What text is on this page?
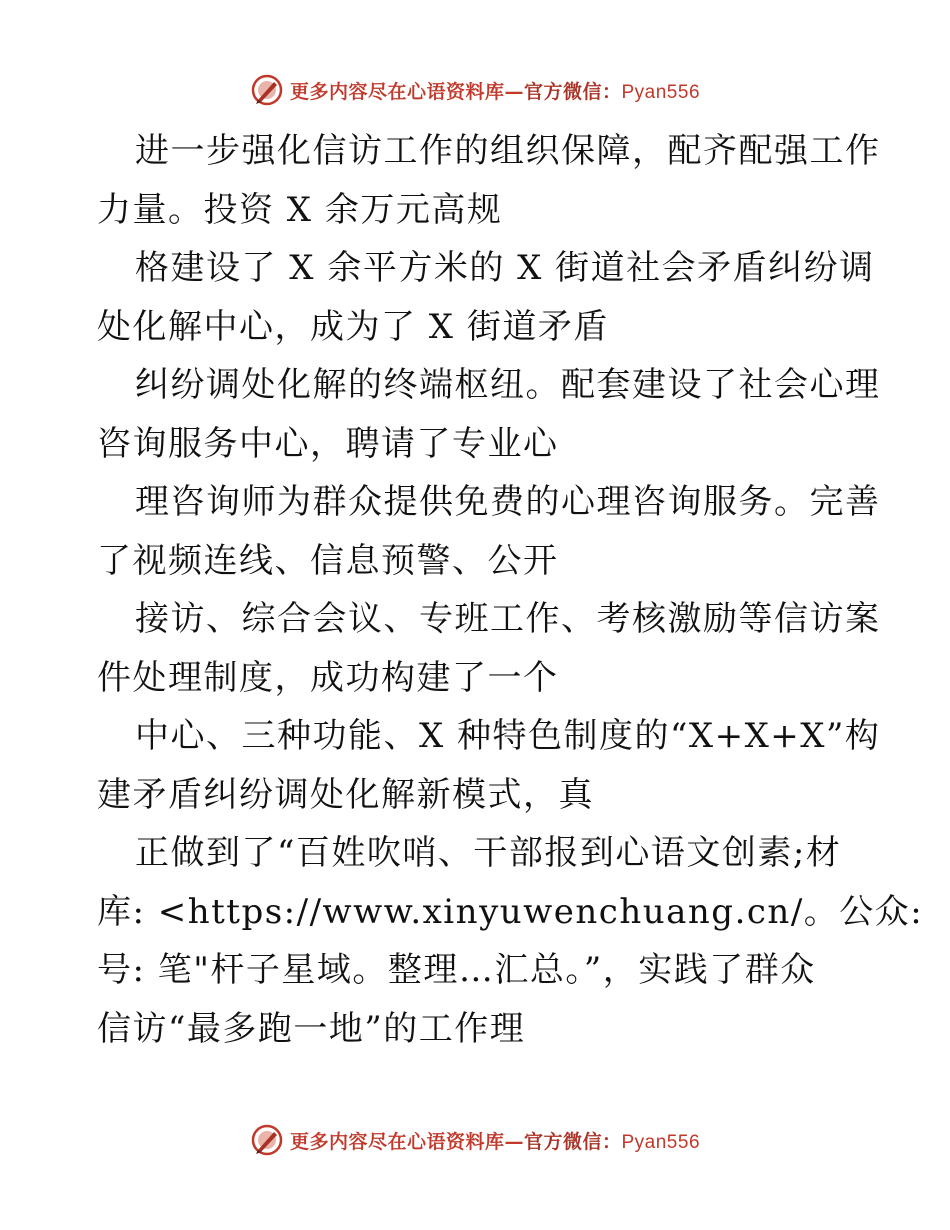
更多内容尽在心语资料库—官方微信：Pyan556
进一步强化信访工作的组织保障，配齐配强工作
力量。投资 X 余万元高规
格建设了 X 余平方米的 X 街道社会矛盾纠纷调
处化解中心，成为了 X 街道矛盾
纠纷调处化解的终端枢纽。配套建设了社会心理
咨询服务中心，聘请了专业心
理咨询师为群众提供免费的心理咨询服务。完善
了视频连线、信息预警、公开
接访、综合会议、专班工作、考核激励等信访案
件处理制度，成功构建了一个
中心、三种功能、X 种特色制度的“X+X+X”构
建矛盾纠纷调处化解新模式，真
正做到了“百姓吹哨、干部报到心语文创素;材
库: <https://www.xinyuwenchuang.cn/。公众:
号: 笔"杆子星域。整理…汇总。”，实践了群众
信访“最多跑一地”的工作理
更多内容尽在心语资料库—官方微信：Pyan556
